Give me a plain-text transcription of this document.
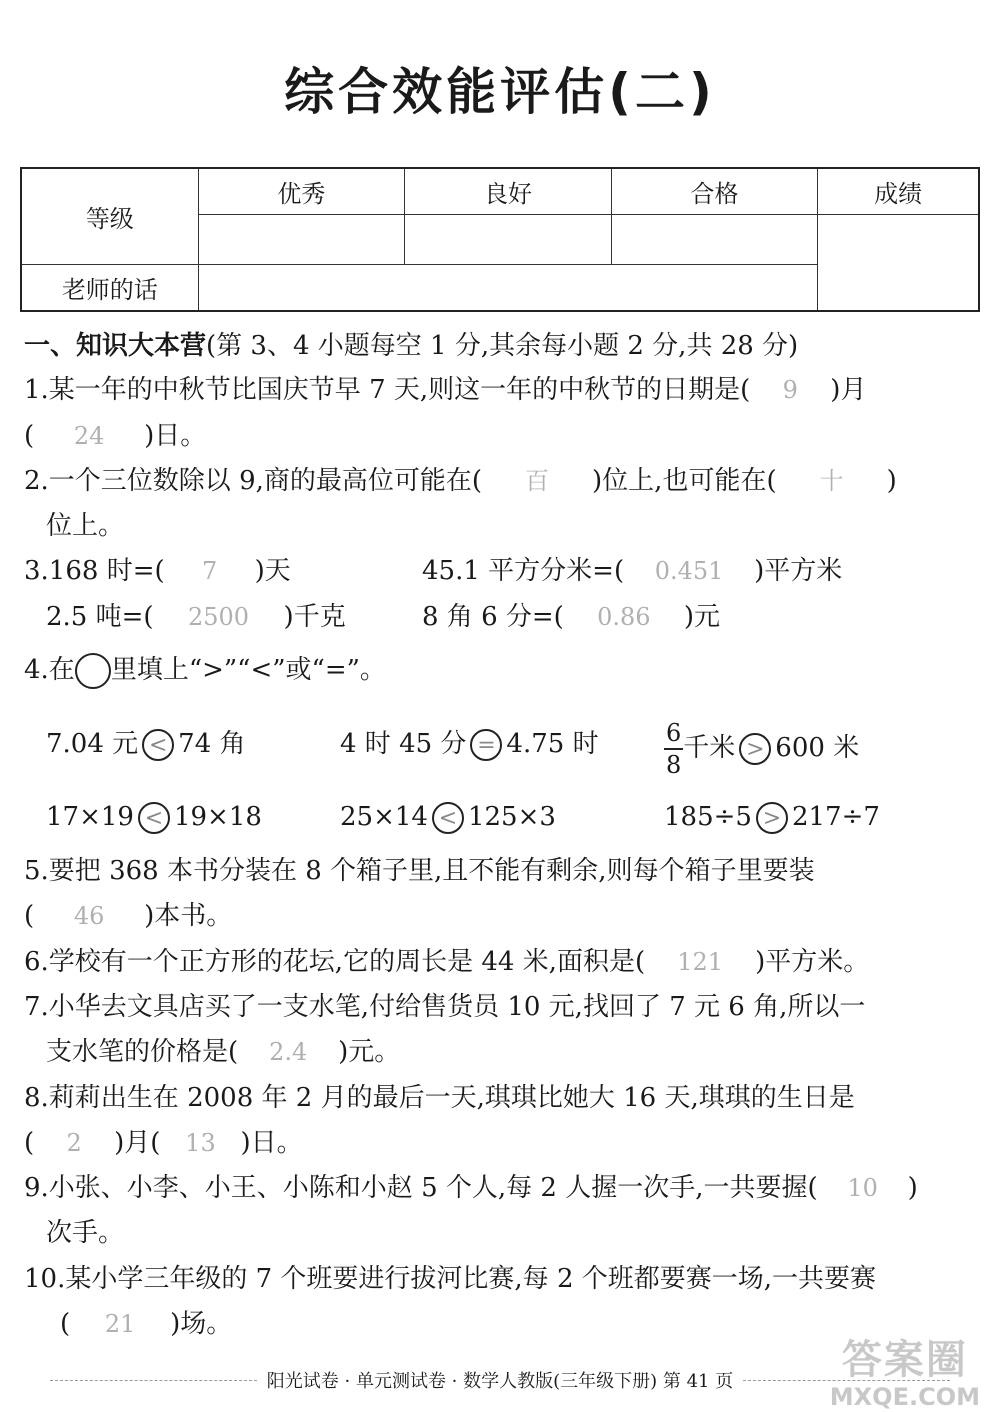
综合效能评估(二)
等级	优秀	良好	合格	成绩

老师的话				
一、知识大本营(第 3、4 小题每空 1 分,其余每小题 2 分,共 28 分)
1.某一年的中秋节比国庆节早 7 天,则这一年的中秋节的日期是( 9 )月
( 24 )日。
2.一个三位数除以 9,商的最高位可能在( 百 )位上,也可能在( 十 )
位上。
3.168 时=( 7 )天	45.1 平方分米=( 0.451 )平方米
2.5 吨=( 2500 )千克	8 角 6 分=( 0.86 )元
4.在 里填上“>”“<”或“=”。
7.04 元 < 74 角	4 时 45 分 = 4.75 时	$\frac{6}{8}$ 千米 > 600 米
17×19 < 19×18	25×14 < 125×3	185÷5 > 217÷7
5.要把 368 本书分装在 8 个箱子里,且不能有剩余,则每个箱子里要装
( 46 )本书。
6.学校有一个正方形的花坛,它的周长是 44 米,面积是( 121 )平方米。
7.小华去文具店买了一支水笔,付给售货员 10 元,找回了 7 元 6 角,所以一
支水笔的价格是( 2.4 )元。
8.莉莉出生在 2008 年 2 月的最后一天,琪琪比她大 16 天,琪琪的生日是
( 2 )月( 13 )日。
9.小张、小李、小王、小陈和小赵 5 个人,每 2 人握一次手,一共要握( 10 )
次手。
10.某小学三年级的 7 个班要进行拔河比赛,每 2 个班都要赛一场,一共要赛
( 21 )场。
阳光试卷 · 单元测试卷 · 数学人教版(三年级下册) 第 41 页	答案圈
MXQE.COM
